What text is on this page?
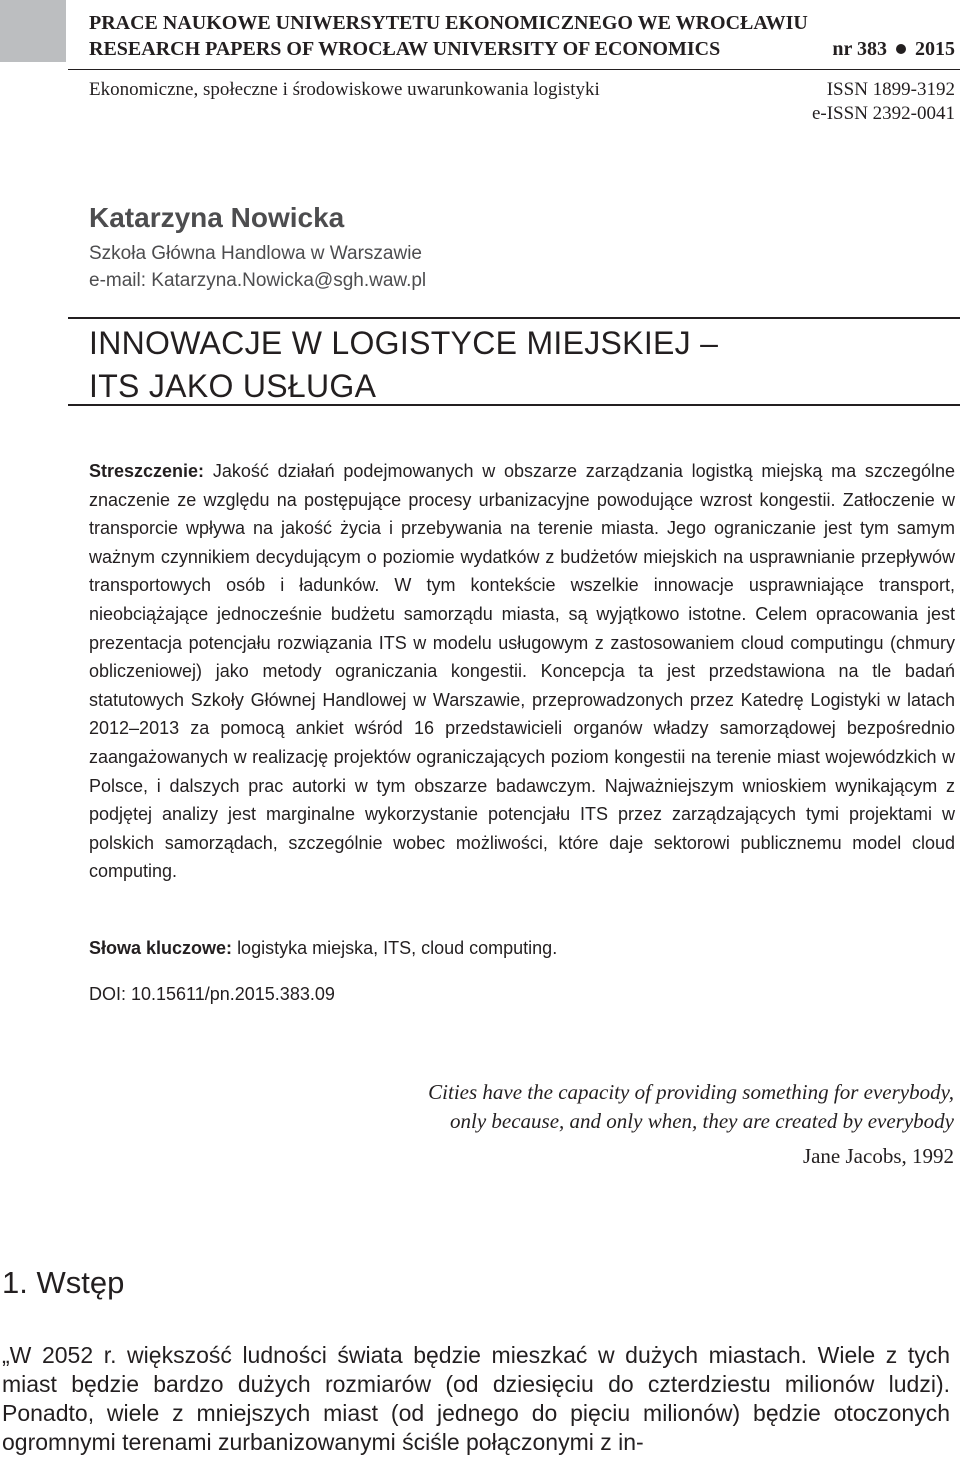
PRACE NAUKOWE UNIWERSYTETU EKONOMICZNEGO WE WROCŁAWIU
RESEARCH PAPERS OF WROCŁAW UNIVERSITY OF ECONOMICS	nr 383 2015
Ekonomiczne, społeczne i środowiskowe uwarunkowania logistyki	ISSN 1899-3192
e-ISSN 2392-0041
Katarzyna Nowicka
Szkoła Główna Handlowa w Warszawie
e-mail: Katarzyna.Nowicka@sgh.waw.pl
INNOWACJE W LOGISTYCE MIEJSKIEJ –
ITS JAKO USŁUGA
Streszczenie: Jakość działań podejmowanych w obszarze zarządzania logistką miejską ma szczególne znaczenie ze względu na postępujące procesy urbanizacyjne powodujące wzrost kongestii. Zatłoczenie w transporcie wpływa na jakość życia i przebywania na terenie miasta. Jego ograniczanie jest tym samym ważnym czynnikiem decydującym o poziomie wydatków z budżetów miejskich na usprawnianie przepływów transportowych osób i ładunków. W tym kontekście wszelkie innowacje usprawniające transport, nieobciążające jednocześnie budżetu samorządu miasta, są wyjątkowo istotne. Celem opracowania jest prezentacja potencjału rozwiązania ITS w modelu usługowym z zastosowaniem cloud computingu (chmury obliczeniowej) jako metody ograniczania kongestii. Koncepcja ta jest przedstawiona na tle badań statutowych Szkoły Głównej Handlowej w Warszawie, przeprowadzonych przez Katedrę Logistyki w latach 2012–2013 za pomocą ankiet wśród 16 przedstawicieli organów władzy samorządowej bezpośrednio zaangażowanych w realizację projektów ograniczających poziom kongestii na terenie miast wojewódzkich w Polsce, i dalszych prac autorki w tym obszarze badawczym. Najważniejszym wnioskiem wynikającym z podjętej analizy jest marginalne wykorzystanie potencjału ITS przez zarządzających tymi projektami w polskich samorządach, szczególnie wobec możliwości, które daje sektorowi publicznemu model cloud computing.
Słowa kluczowe: logistyka miejska, ITS, cloud computing.
DOI: 10.15611/pn.2015.383.09
Cities have the capacity of providing something for everybody,
only because, and only when, they are created by everybody
Jane Jacobs, 1992
1. Wstęp
„W 2052 r. większość ludności świata będzie mieszkać w dużych miastach. Wiele z tych miast będzie bardzo dużych rozmiarów (od dziesięciu do czterdziestu milionów ludzi). Ponadto, wiele z mniejszych miast (od jednego do pięciu milionów) będzie otoczonych ogromnymi terenami zurbanizowanymi ściśle połączonymi z in-
